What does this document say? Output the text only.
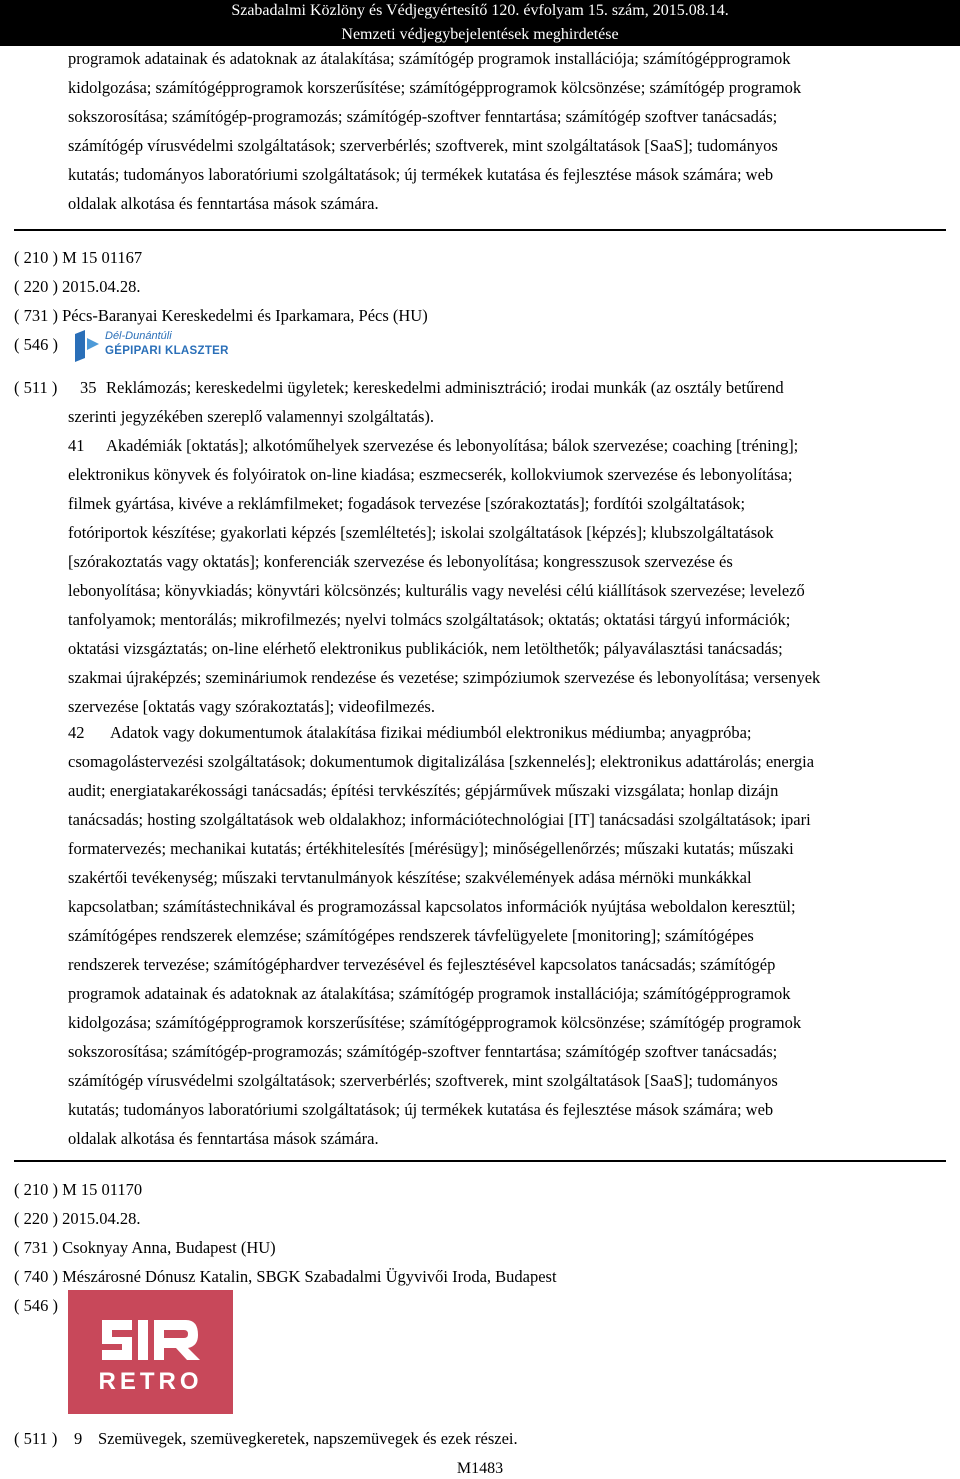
Szabadalmi Közlöny és Védjegyértesítő 120. évfolyam 15. szám, 2015.08.14.
Nemzeti védjegybejelentések meghirdetése

programok adatainak és adatoknak az átalakítása; számítógép programok installációja; számítógépprogramok

kidolgozása; számítógépprogramok korszerűsítése; számítógépprogramok kölcsönzése; számítógép programok

sokszorosítása; számítógép-programozás; számítógép-szoftver fenntartása; számítógép szoftver tanácsadás;

számítógép vírusvédelmi szolgáltatások; szerverbérlés; szoftverek, mint szolgáltatások [SaaS]; tudományos

kutatás; tudományos laboratóriumi szolgáltatások; új termékek kutatása és fejlesztése mások számára; web

oldalak alkotása és fenntartása mások számára.

( 210 ) M 15 01167
( 220 ) 2015.04.28.
( 731 ) Pécs-Baranyai Kereskedelmi és Iparkamara, Pécs (HU)
( 546 )	Dél-Dunántúli
GÉPIPARI KLASZTER
( 511 ) 35 Reklámozás; kereskedelmi ügyletek; kereskedelmi adminisztráció; irodai munkák (az osztály betűrend
szerinti jegyzékében szereplő valamennyi szolgáltatás).
41 Akadémiák [oktatás]; alkotóműhelyek szervezése és lebonyolítása; bálok szervezése; coaching [tréning];
elektronikus könyvek és folyóiratok on-line kiadása; eszmecserék, kollokviumok szervezése és lebonyolítása;
filmek gyártása, kivéve a reklámfilmeket; fogadások tervezése [szórakoztatás]; fordítói szolgáltatások;
fotóriportok készítése; gyakorlati képzés [szemléltetés]; iskolai szolgáltatások [képzés]; klubszolgáltatások
[szórakoztatás vagy oktatás]; konferenciák szervezése és lebonyolítása; kongresszusok szervezése és
lebonyolítása; könyvkiadás; könyvtári kölcsönzés; kulturális vagy nevelési célú kiállítások szervezése; levelező
tanfolyamok; mentorálás; mikrofilmezés; nyelvi tolmács szolgáltatások; oktatás; oktatási tárgyú információk;
oktatási vizsgáztatás; on-line elérhető elektronikus publikációk, nem letölthetők; pályaválasztási tanácsadás;
szakmai újraképzés; szemináriumok rendezése és vezetése; szimpóziumok szervezése és lebonyolítása; versenyek
szervezése [oktatás vagy szórakoztatás]; videofilmezés.
42 Adatok vagy dokumentumok átalakítása fizikai médiumból elektronikus médiumba; anyagpróba;
csomagolástervezési szolgáltatások; dokumentumok digitalizálása [szkennelés]; elektronikus adattárolás; energia
audit; energiatakarékossági tanácsadás; építési tervkészítés; gépjárművek műszaki vizsgálata; honlap dizájn
tanácsadás; hosting szolgáltatások web oldalakhoz; információtechnológiai [IT] tanácsadási szolgáltatások; ipari
formatervezés; mechanikai kutatás; értékhitelesítés [mérésügy]; minőségellenőrzés; műszaki kutatás; műszaki
szakértői tevékenység; műszaki tervtanulmányok készítése; szakvélemények adása mérnöki munkákkal
kapcsolatban; számítástechnikával és programozással kapcsolatos információk nyújtása weboldalon keresztül;
számítógépes rendszerek elemzése; számítógépes rendszerek távfelügyelete [monitoring]; számítógépes
rendszerek tervezése; számítógéphardver tervezésével és fejlesztésével kapcsolatos tanácsadás; számítógép
programok adatainak és adatoknak az átalakítása; számítógép programok installációja; számítógépprogramok
kidolgozása; számítógépprogramok korszerűsítése; számítógépprogramok kölcsönzése; számítógép programok
sokszorosítása; számítógép-programozás; számítógép-szoftver fenntartása; számítógép szoftver tanácsadás;
számítógép vírusvédelmi szolgáltatások; szerverbérlés; szoftverek, mint szolgáltatások [SaaS]; tudományos
kutatás; tudományos laboratóriumi szolgáltatások; új termékek kutatása és fejlesztése mások számára; web
oldalak alkotása és fenntartása mások számára.
( 210 ) M 15 01170
( 220 ) 2015.04.28.
( 731 ) Csoknyay Anna, Budapest (HU)
( 740 ) Mészárosné Dónusz Katalin, SBGK Szabadalmi Ügyvivői Iroda, Budapest
( 546 )
RETRO
( 511 ) 9 Szemüvegek, szemüvegkeretek, napszemüvegek és ezek részei.
M1483
